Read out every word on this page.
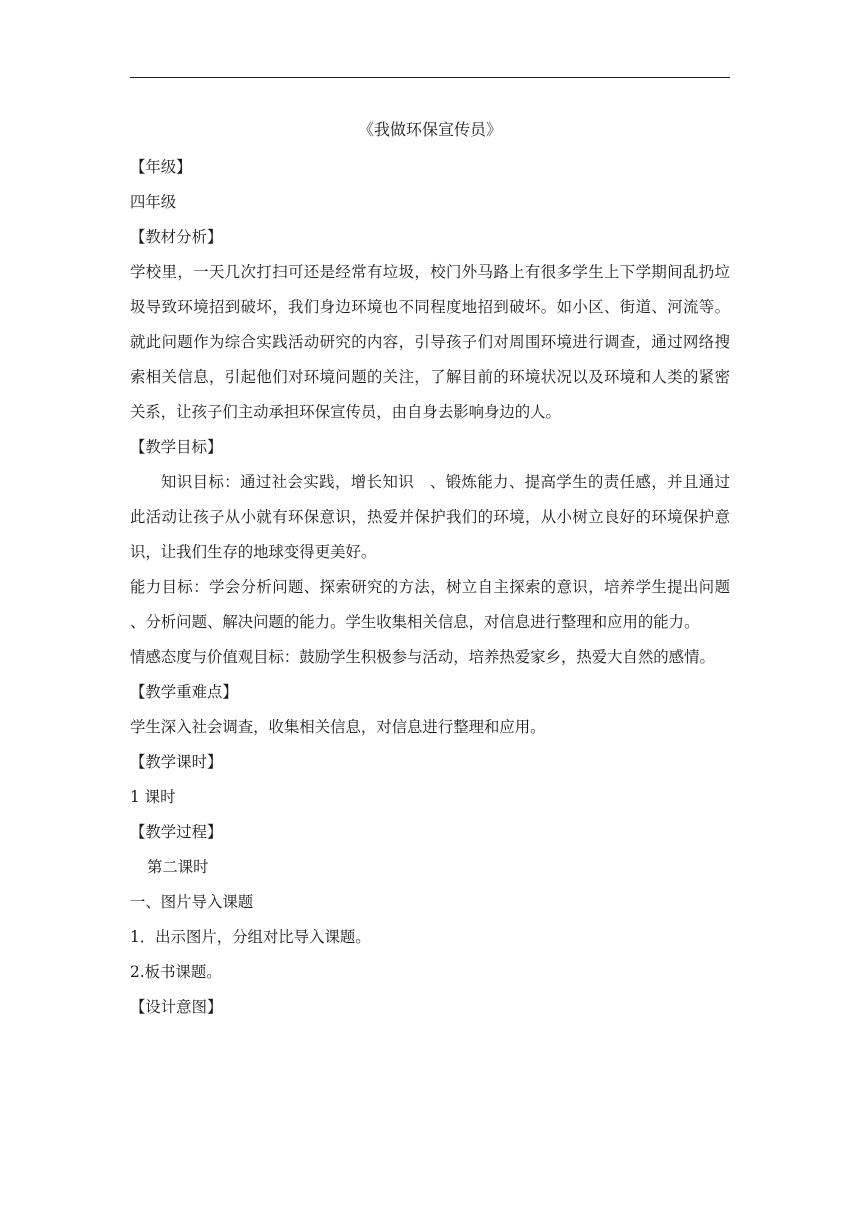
《我做环保宣传员》

【年级】

四年级

【教材分析】

学校里，一天几次打扫可还是经常有垃圾，校门外马路上有很多学生上下学期间乱扔垃圾导致环境招到破坏，我们身边环境也不同程度地招到破坏。如小区、街道、河流等。就此问题作为综合实践活动研究的内容，引导孩子们对周围环境进行调查，通过网络搜索相关信息，引起他们对环境问题的关注，了解目前的环境状况以及环境和人类的紧密关系，让孩子们主动承担环保宣传员，由自身去影响身边的人。

【教学目标】

知识目标：通过社会实践，增长知识　、锻炼能力、提高学生的责任感，并且通过此活动让孩子从小就有环保意识，热爱并保护我们的环境，从小树立良好的环境保护意识，让我们生存的地球变得更美好。

能力目标：学会分析问题、探索研究的方法，树立自主探索的意识，培养学生提出问题、分析问题、解决问题的能力。学生收集相关信息，对信息进行整理和应用的能力。

情感态度与价值观目标：鼓励学生积极参与活动，培养热爱家乡，热爱大自然的感情。

【教学重难点】

学生深入社会调查，收集相关信息，对信息进行整理和应用。

【教学课时】

1 课时

【教学过程】

第二课时

一、图片导入课题

1．出示图片，分组对比导入课题。

2.板书课题。

【设计意图】
